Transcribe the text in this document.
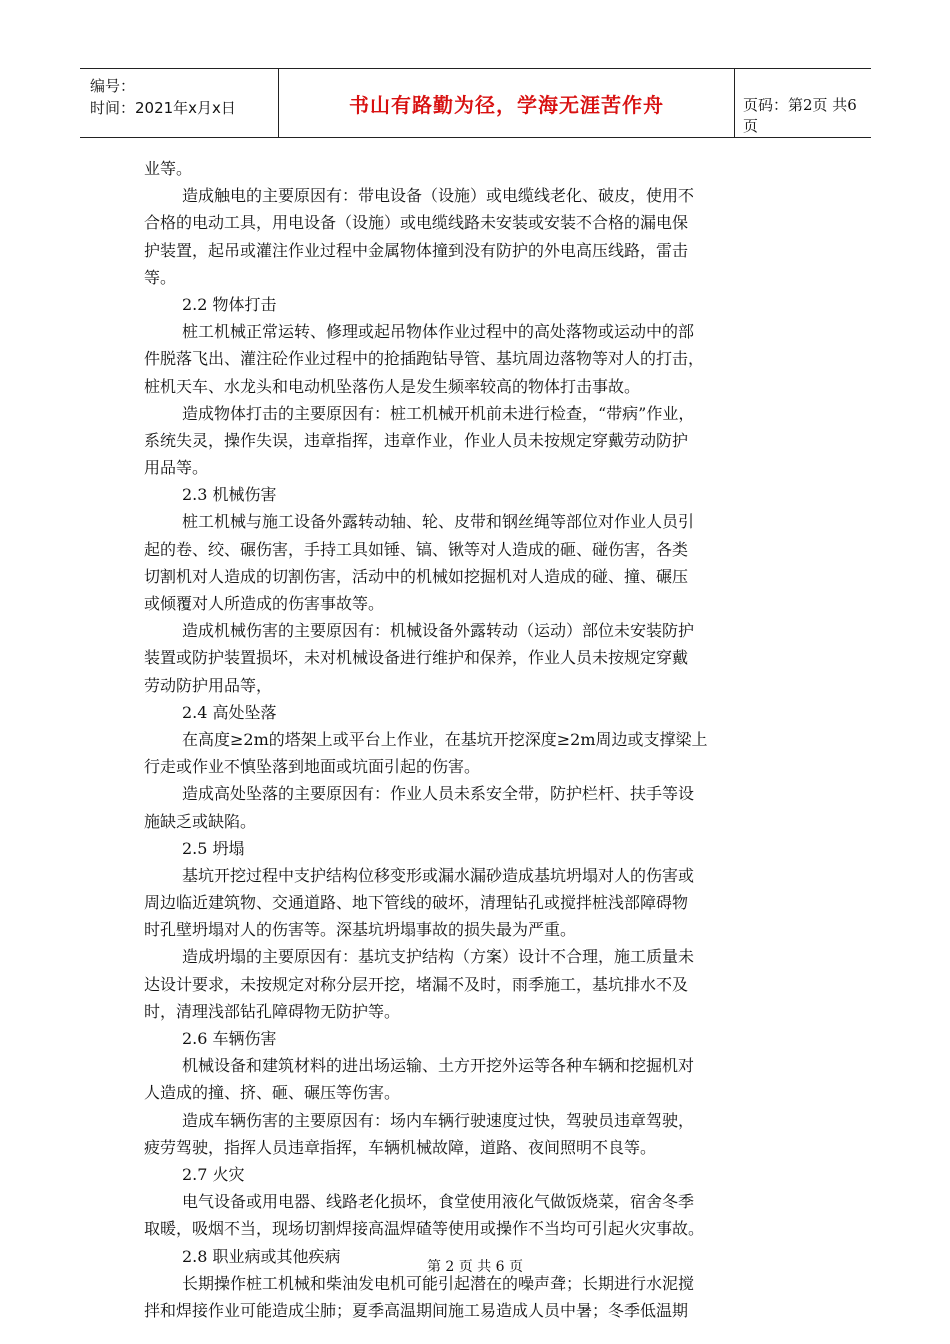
编号：
时间：2021年x月x日	书山有路勤为径，学海无涯苦作舟	页码：第2页 共6页
业等。
造成触电的主要原因有：带电设备（设施）或电缆线老化、破皮，使用不
合格的电动工具，用电设备（设施）或电缆线路未安装或安装不合格的漏电保
护装置，起吊或灌注作业过程中金属物体撞到没有防护的外电高压线路，雷击
等。
2.2 物体打击
桩工机械正常运转、修理或起吊物体作业过程中的高处落物或运动中的部
件脱落飞出、灌注砼作业过程中的抢插跑钻导管、基坑周边落物等对人的打击，
桩机天车、水龙头和电动机坠落伤人是发生频率较高的物体打击事故。
造成物体打击的主要原因有：桩工机械开机前未进行检查，“带病”作业，
系统失灵，操作失误，违章指挥，违章作业，作业人员未按规定穿戴劳动防护
用品等。
2.3 机械伤害
桩工机械与施工设备外露转动轴、轮、皮带和钢丝绳等部位对作业人员引
起的卷、绞、碾伤害，手持工具如锤、镐、锹等对人造成的砸、碰伤害，各类
切割机对人造成的切割伤害，活动中的机械如挖掘机对人造成的碰、撞、碾压
或倾覆对人所造成的伤害事故等。
造成机械伤害的主要原因有：机械设备外露转动（运动）部位未安装防护
装置或防护装置损坏，未对机械设备进行维护和保养，作业人员未按规定穿戴
劳动防护用品等，
2.4 高处坠落
在高度≥2m的塔架上或平台上作业，在基坑开挖深度≥2m周边或支撑梁上
行走或作业不慎坠落到地面或坑面引起的伤害。
造成高处坠落的主要原因有：作业人员未系安全带，防护栏杆、扶手等设
施缺乏或缺陷。
2.5 坍塌
基坑开挖过程中支护结构位移变形或漏水漏砂造成基坑坍塌对人的伤害或
周边临近建筑物、交通道路、地下管线的破坏，清理钻孔或搅拌桩浅部障碍物
时孔壁坍塌对人的伤害等。深基坑坍塌事故的损失最为严重。
造成坍塌的主要原因有：基坑支护结构（方案）设计不合理，施工质量未
达设计要求，未按规定对称分层开挖，堵漏不及时，雨季施工，基坑排水不及
时，清理浅部钻孔障碍物无防护等。
2.6 车辆伤害
机械设备和建筑材料的进出场运输、土方开挖外运等各种车辆和挖掘机对
人造成的撞、挤、砸、碾压等伤害。
造成车辆伤害的主要原因有：场内车辆行驶速度过快，驾驶员违章驾驶，
疲劳驾驶，指挥人员违章指挥，车辆机械故障，道路、夜间照明不良等。
2.7 火灾
电气设备或用电器、线路老化损坏，食堂使用液化气做饭烧菜，宿舍冬季
取暖，吸烟不当，现场切割焊接高温焊碴等使用或操作不当均可引起火灾事故。
2.8 职业病或其他疾病
长期操作桩工机械和柴油发电机可能引起潜在的噪声聋；长期进行水泥搅
拌和焊接作业可能造成尘肺；夏季高温期间施工易造成人员中暑；冬季低温期
第 2 页 共 6 页
